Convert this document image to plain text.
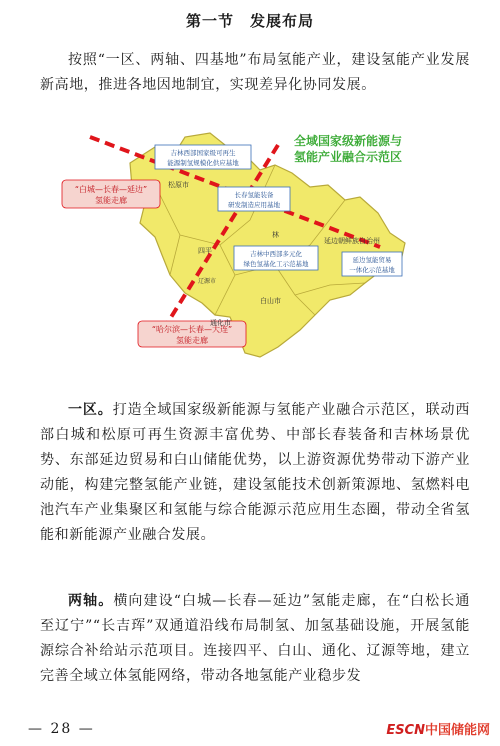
第一节　发展布局
按照“一区、两轴、四基地”布局氢能产业，建设氢能产业发展新高地，推进各地因地制宜，实现差异化协同发展。
全域国家级新能源与
氢能产业融合示范区
“白城—长春—延边”
氢能走廊
“哈尔滨—长春—大连”
氢能走廊
吉林西部国家级可再生
能源制氢规模化供应基地
长春氢能装备
研发制造应用基地
吉林中西部多元化
绿色氢基化工示范基地	延边氢能贸易
一体化示范基地
延边朝鲜族自治州
白山市
通化市
辽源市
松原市
林
四平
一区。打造全域国家级新能源与氢能产业融合示范区，联动西部白城和松原可再生资源丰富优势、中部长春装备和吉林场景优势、东部延边贸易和白山储能优势，以上游资源优势带动下游产业动能，构建完整氢能产业链，建设氢能技术创新策源地、氢燃料电池汽车产业集聚区和氢能与综合能源示范应用生态圈，带动全省氢能和新能源产业融合发展。
两轴。横向建设“白城—长春—延边”氢能走廊，在“白松长通至辽宁”“长吉珲”双通道沿线布局制氢、加氢基础设施，开展氢能源综合补给站示范项目。连接四平、白山、通化、辽源等地，建立完善全域立体氢能网络，带动各地氢能产业稳步发
— 28 —	ESCN中国储能网
